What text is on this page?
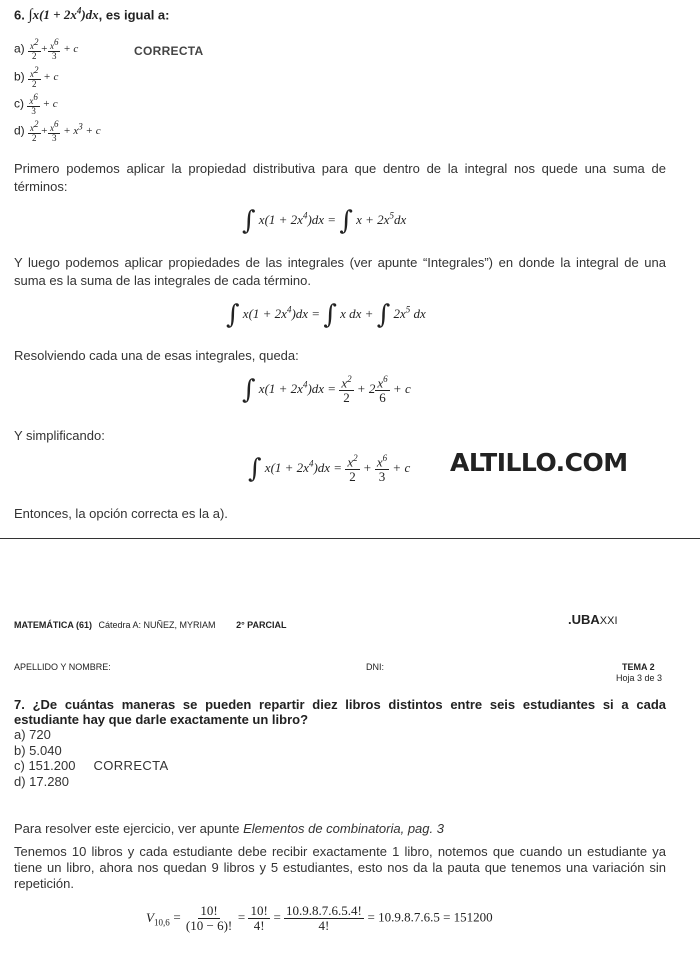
6. $\int x(1 + 2x^4)dx$, es igual a:
$a) \frac{x^2}{2} + \frac{x^6}{3} + c$	CORRECTA
$b) \frac{x^2}{2} + c$
$c) \frac{x^6}{3} + c$
$d) \frac{x^2}{2} + \frac{x^6}{3} + x^3 + c$
Primero podemos aplicar la propiedad distributiva para que dentro de la integral nos quede una suma de términos:
∫ $x(1 + 2x^4)dx$ = ∫ $x + 2x^5dx$
Y luego podemos aplicar propiedades de las integrales (ver apunte “Integrales”) en donde la integral de una suma es la suma de las integrales de cada término.
∫ $x(1 + 2x^4)dx$ = ∫ x dx + ∫ $2x^5$ dx
Resolviendo cada una de esas integrales, queda:
∫ $x(1 + 2x^4)dx = \frac{x^2}{2} + 2 \frac{x^6}{6} + c$
Y simplificando:
∫ $x(1 + 2x^4)dx = \frac{x^2}{2} + \frac{x^6}{3} + c$ ALTILLO.COM
Entonces, la opción correcta es la a).
MATEMÁTICA (61) Cátedra A: NUÑEZ, MYRIAM 2° PARCIAL	.UBAXXI
APELLIDO Y NOMBRE:	DNI:	TEMA 2
Hoja 3 de 3
7. ¿De cuántas maneras se pueden repartir diez libros distintos entre seis estudiantes si a cada estudiante hay que darle exactamente un libro?
a) 720
b) 5.040
c) 151.200 CORRECTA
d) 17.280
Para resolver este ejercicio, ver apunte Elementos de combinatoria, pag. 3
Tenemos 10 libros y cada estudiante debe recibir exactamente 1 libro, notemos que cuando un estudiante ya tiene un libro, ahora nos quedan 9 libros y 5 estudiantes, esto nos da la pauta que tenemos una variación sin repetición.
$V_{10,6} = \frac{10!}{(10 - 6)!} = \frac{10!}{4!} = \frac{10.9.8.7.6.5.4!}{4!} = 10.9.8.7.6.5 = 151200$
